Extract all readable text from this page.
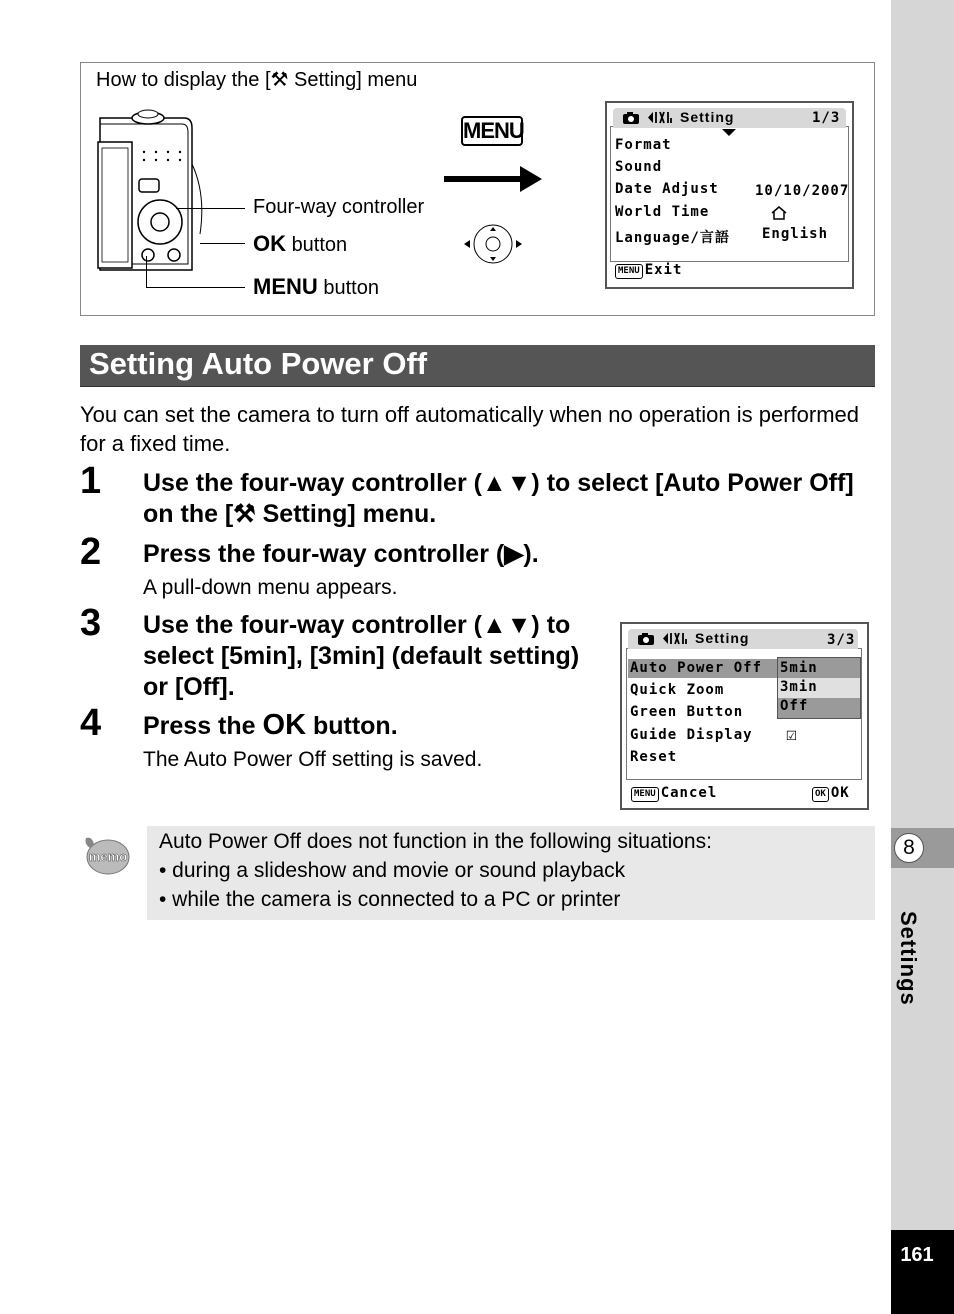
8
Settings
161
How to display the [⚒ Setting] menu
Four-way controller
OK button
MENU button
MENU
Setting	1/3
Format
Sound
Date Adjust
World Time
Language/言語
10/10/2007
English
MENU Exit
Setting Auto Power Off
You can set the camera to turn off automatically when no operation is performed for a fixed time.
1 Use the four-way controller (▲▼) to select [Auto Power Off] on the [⚒ Setting] menu.
2 Press the four-way controller (▶).
A pull-down menu appears.
3 Use the four-way controller (▲▼) to select [5min], [3min] (default setting) or [Off].
4 Press the OK button.
The Auto Power Off setting is saved.
Setting	3/3
Auto Power Off
Quick Zoom
Green Button
Guide Display
Reset
5min
3min
Off
☑
MENU Cancel	OK OK
memo
Auto Power Off does not function in the following situations:
• during a slideshow and movie or sound playback
• while the camera is connected to a PC or printer
